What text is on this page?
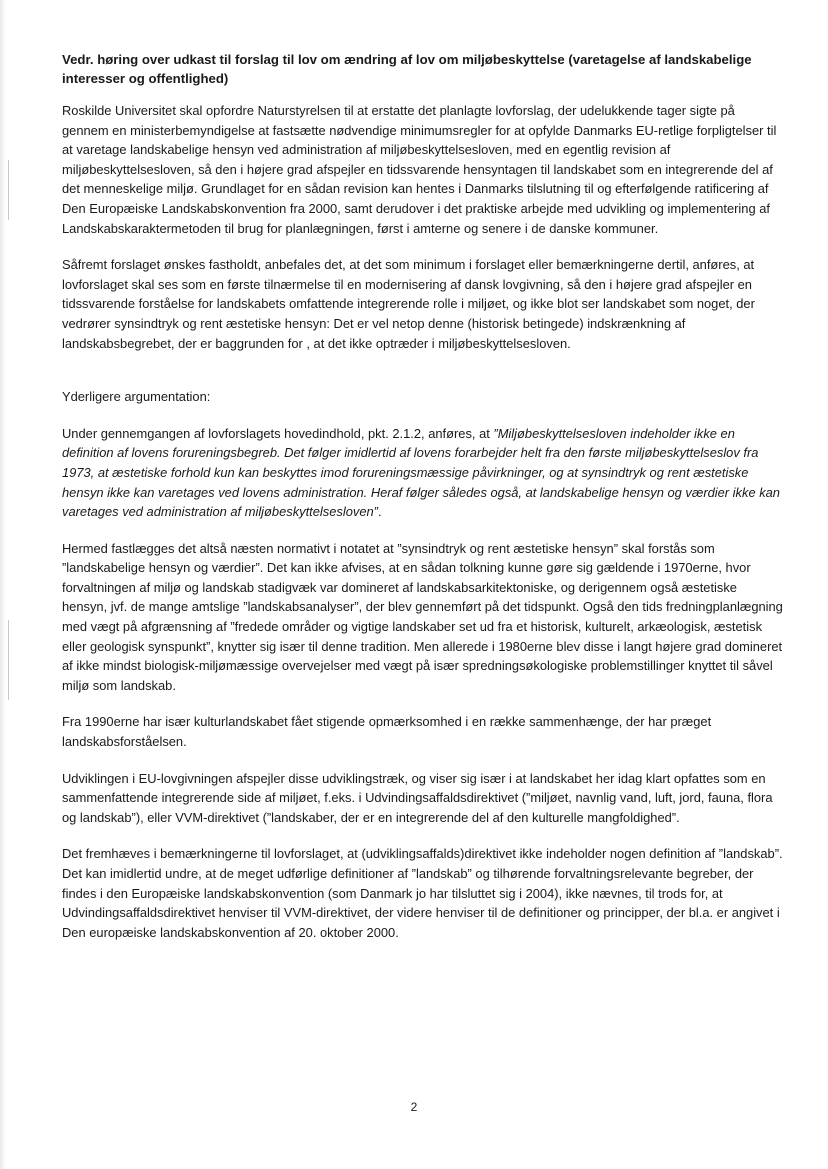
Vedr. høring over udkast til forslag til lov om ændring af lov om miljøbeskyttelse (varetagelse af landskabelige interesser og offentlighed)

Roskilde Universitet skal opfordre Naturstyrelsen til at erstatte det planlagte lovforslag, der udelukkende tager sigte på gennem en ministerbemyndigelse at fastsætte nødvendige minimumsregler for at opfylde Danmarks EU-retlige forpligtelser til at varetage landskabelige hensyn ved administration af miljøbeskyttelsesloven, med en egentlig revision af miljøbeskyttelsesloven, så den i højere grad afspejler en tidssvarende hensyntagen til landskabet som en integrerende del af det menneskelige miljø. Grundlaget for en sådan revision kan hentes i Danmarks tilslutning til og efterfølgende ratificering af Den Europæiske Landskabskonvention fra 2000, samt derudover i det praktiske arbejde med udvikling og implementering af Landskabskaraktermetoden til brug for planlægningen, først i amterne og senere i de danske kommuner.

Såfremt forslaget ønskes fastholdt, anbefales det, at det som minimum i forslaget eller bemærkningerne dertil, anføres, at lovforslaget skal ses som en første tilnærmelse til en modernisering af dansk lovgivning, så den i højere grad afspejler en tidssvarende forståelse for landskabets omfattende integrerende rolle i miljøet, og ikke blot ser landskabet som noget, der vedrører synsindtryk og rent æstetiske hensyn: Det er vel netop denne (historisk betingede) indskrænkning af landskabsbegrebet, der er baggrunden for , at det ikke optræder i miljøbeskyttelsesloven.

Yderligere argumentation:

Under gennemgangen af lovforslagets hovedindhold, pkt. 2.1.2, anføres, at ”Miljøbeskyttelsesloven indeholder ikke en definition af lovens forureningsbegreb. Det følger imidlertid af lovens forarbejder helt fra den første miljøbeskyttelseslov fra 1973, at æstetiske forhold kun kan beskyttes imod forureningsmæssige påvirkninger, og at synsindtryk og rent æstetiske hensyn ikke kan varetages ved lovens administration. Heraf følger således også, at landskabelige hensyn og værdier ikke kan varetages ved administration af miljøbeskyttelsesloven”.

Hermed fastlægges det altså næsten normativt i notatet at ”synsindtryk og rent æstetiske hensyn” skal forstås som ”landskabelige hensyn og værdier”. Det kan ikke afvises, at en sådan tolkning kunne gøre sig gældende i 1970erne, hvor forvaltningen af miljø og landskab stadigvæk var domineret af landskabsarkitektoniske, og derigennem også æstetiske hensyn, jvf. de mange amtslige ”landskabsanalyser”, der blev gennemført på det tidspunkt. Også den tids fredningplanlægning med vægt på afgrænsning af ”fredede områder og vigtige landskaber set ud fra et historisk, kulturelt, arkæologisk, æstetisk eller geologisk synspunkt”, knytter sig især til denne tradition. Men allerede i 1980erne blev disse i langt højere grad domineret af ikke mindst biologisk-miljømæssige overvejelser med vægt på især spredningsøkologiske problemstillinger knyttet til såvel miljø som landskab.

Fra 1990erne har især kulturlandskabet fået stigende opmærksomhed i en række sammenhænge, der har præget landskabsforståelsen.

Udviklingen i EU-lovgivningen afspejler disse udviklingstræk, og viser sig især i at landskabet her idag klart opfattes som en sammenfattende integrerende side af miljøet, f.eks. i Udvindingsaffaldsdirektivet (”miljøet, navnlig vand, luft, jord, fauna, flora og landskab”), eller VVM-direktivet (”landskaber, der er en integrerende del af den kulturelle mangfoldighed”.

Det fremhæves i bemærkningerne til lovforslaget, at (udviklingsaffalds)direktivet ikke indeholder nogen definition af ”landskab”. Det kan imidlertid undre, at de meget udførlige definitioner af ”landskab” og tilhørende forvaltningsrelevante begreber, der findes i den Europæiske landskabskonvention (som Danmark jo har tilsluttet sig i 2004), ikke nævnes, til trods for, at Udvindingsaffaldsdirektivet henviser til VVM-direktivet, der videre henviser til de definitioner og principper, der bl.a. er angivet i Den europæiske landskabskonvention af 20. oktober 2000.

2
